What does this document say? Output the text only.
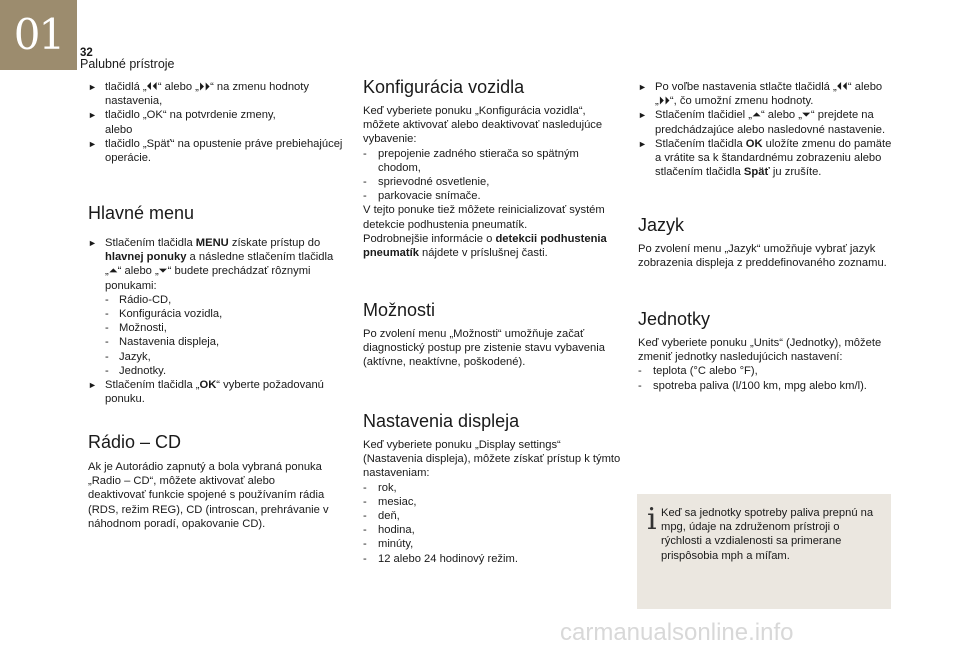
01	32
Palubné prístroje
► tlačidlá „⏴⏴“ alebo „⏵⏵“ na zmenu hodnoty nastavenia,
► tlačidlo „OK“ na potvrdenie zmeny,
alebo
► tlačidlo „Späť“ na opustenie práve prebiehajúcej operácie.
Hlavné menu
► Stlačením tlačidla MENU získate prístup do hlavnej ponuky a následne stlačením tlačidla „⏶“ alebo „⏷“ budete prechádzať rôznymi ponukami:
- Rádio-CD,
- Konfigurácia vozidla,
- Možnosti,
- Nastavenia displeja,
- Jazyk,
- Jednotky.
► Stlačením tlačidla „OK“ vyberte požadovanú ponuku.
Rádio – CD

Ak je Autorádio zapnutý a bola vybraná ponuka „Radio – CD“, môžete aktivovať alebo deaktivovať funkcie spojené s používaním rádia (RDS, režim REG), CD (introscan, prehrávanie v náhodnom poradí, opakovanie CD).

Konfigurácia vozidla

Keď vyberiete ponuku „Konfigurácia vozidla“, môžete aktivovať alebo deaktivovať nasledujúce vybavenie:

-	prepojenie zadného stierača so spätným chodom,
-	sprievodné osvetlenie,
-	parkovacie snímače.

V tejto ponuke tiež môžete reinicializovať systém detekcie podhustenia pneumatík.

Podrobnejšie informácie o detekcii podhustenia pneumatík nájdete v príslušnej časti.

Možnosti

Po zvolení menu „Možnosti“ umožňuje začať diagnostický postup pre zistenie stavu vybavenia (aktívne, neaktívne, poškodené).

Nastavenia displeja

Keď vyberiete ponuku „Display settings“ (Nastavenia displeja), môžete získať prístup k týmto nastaveniam:

-	rok,
-	mesiac,
-	deň,
-	hodina,
-	minúty,
-	12 alebo 24 hodinový režim.
► Po voľbe nastavenia stlačte tlačidlá „⏴⏴“ alebo „⏵⏵“, čo umožní zmenu hodnoty.
► Stlačením tlačidiel „⏶“ alebo „⏷“ prejdete na predchádzajúce alebo nasledovné nastavenie.
► Stlačením tlačidla OK uložíte zmenu do pamäte a vrátite sa k štandardnému zobrazeniu alebo stlačením tlačidla Späť ju zrušíte.
Jazyk

Po zvolení menu „Jazyk“ umožňuje vybrať jazyk zobrazenia displeja z preddefinovaného zoznamu.

Jednotky

Keď vyberiete ponuku „Units“ (Jednotky), môžete zmeniť jednotky nasledujúcich nastavení:

-	teplota (°C alebo °F),
-	spotreba paliva (l/100 km, mpg alebo km/l).
i Keď sa jednotky spotreby paliva prepnú na mpg, údaje na združenom prístroji o rýchlosti a vzdialenosti sa primerane prispôsobia mph a míľam.

carmanualsonline.info
